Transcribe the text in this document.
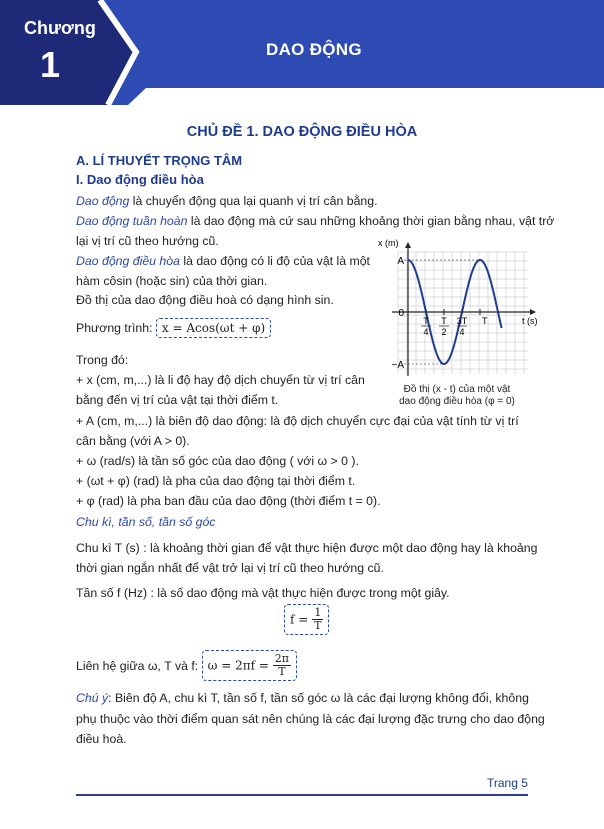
Chương
1	DAO ĐỘNG
CHỦ ĐỀ 1. DAO ĐỘNG ĐIỀU HÒA
A. LÍ THUYẾT TRỌNG TÂM
I. Dao động điều hòa
Dao động là chuyển động qua lại quanh vị trí cân bằng.
Dao động tuần hoàn là dao động mà cứ sau những khoảng thời gian bằng nhau, vật trở
lại vị trí cũ theo hướng cũ.
Dao động điều hòa là dao động có li độ của vật là một
hàm côsin (hoặc sin) của thời gian.
Đồ thị của dao động điều hoà có dạng hình sin.
Phương trình: x = Acos(ωt + φ)
Trong đó:
+ x (cm, m,...) là li độ hay độ dịch chuyển từ vị trí cân
bằng đến vị trí của vật tại thời điểm t.
+ A (cm, m,...) là biên độ dao động: là độ dịch chuyển cực đại của vật tính từ vị trí
cân bằng (với A > 0).
+ ω (rad/s) là tần số góc của dao động ( với ω > 0 ).
+ (ωt + φ) (rad) là pha của dao động tại thời điểm t.
+ φ (rad) là pha ban đầu của dao động (thời điểm t = 0).
Chu kì, tần số, tần số góc
Chu kì T (s) : là khoảng thời gian để vật thực hiện được một dao động hay là khoảng
thời gian ngắn nhất để vật trở lại vị trí cũ theo hướng cũ.
Tần số f (Hz) : là số dao động mà vật thực hiện được trong một giây.
$f = \frac{1}{T}$
Liên hệ giữa ω, T và f: $\omega = 2\pi f = \frac{2\pi}{T}$
Chú ý: Biên độ A, chu kì T, tần số f, tần số góc ω là các đại lượng không đổi, không
phụ thuộc vào thời điểm quan sát nên chúng là các đại lượng đặc trưng cho dao động
điều hoà.
x (m)
t (s)
A
0
−A
T
4
T
2
3T
4
T
Đồ thị (x - t) của một vật
dao động điều hòa (φ = 0)
Trang 5
